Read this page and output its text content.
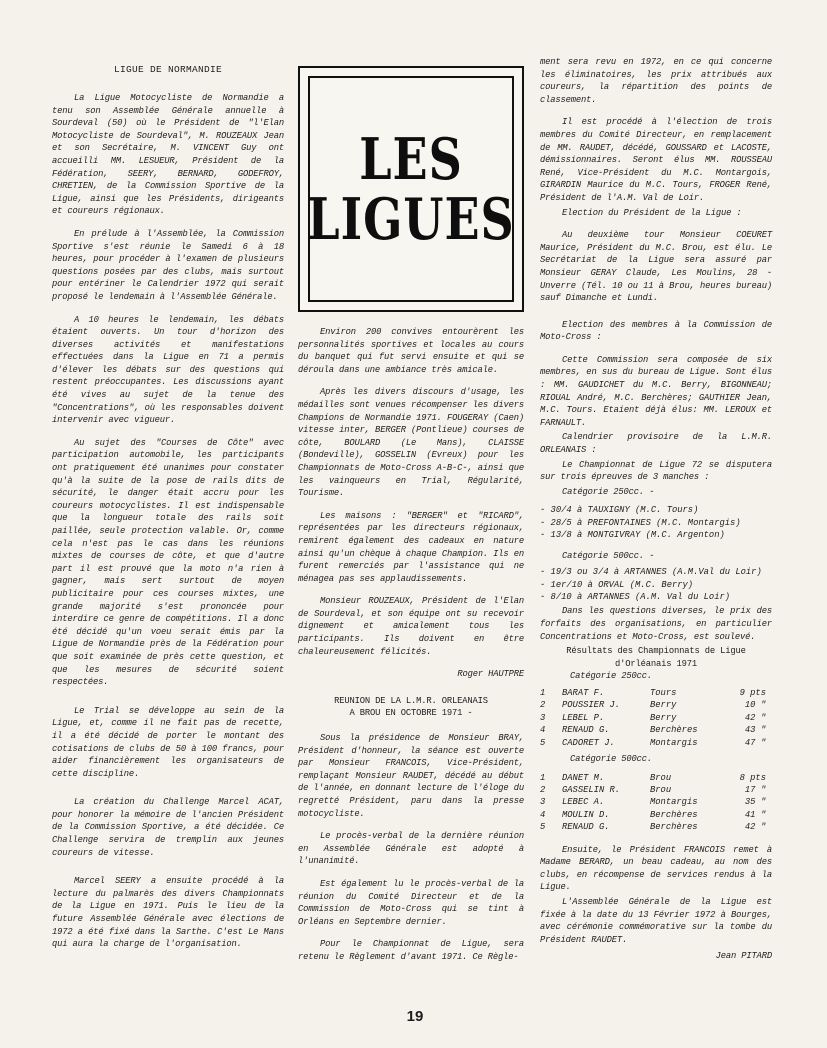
LIGUE DE NORMANDIE

La Ligue Motocycliste de Normandie a tenu son Assemblée Générale annuelle à Sourdeval (50) où le Président de "l'Elan Motocycliste de Sourdeval", M. ROUZEAUX Jean et son Secrétaire, M. VINCENT Guy ont accueilli MM. LESUEUR, Président de la Fédération, SEERY, BERNARD, GODEFROY, CHRETIEN, de la Commission Sportive de la Ligue, ainsi que les Présidents, dirigeants et coureurs régionaux.

En prélude à l'Assemblée, la Commission Sportive s'est réunie le Samedi 6 à 18 heures, pour procéder à l'examen de plusieurs questions posées par des clubs, mais surtout pour entériner le Calendrier 1972 qui serait proposé le lendemain à l'Assemblée Générale.

A 10 heures le lendemain, les débats étaient ouverts. Un tour d'horizon des diverses activités et manifestations effectuées dans la Ligue en 71 a permis d'élever les débats sur des questions qui restent préoccupantes. Les discussions ayant été vives au sujet de la tenue des "Concentrations", où les responsables doivent intervenir avec vigueur.

Au sujet des "Courses de Côte" avec participation automobile, les participants ont pratiquement été unanimes pour constater qu'à la suite de la pose de rails dits de sécurité, le danger était accru pour les coureurs motocyclistes. Il est indispensable que la longueur totale des rails soit paillée, seule protection valable. Or, comme cela n'est pas le cas dans les réunions mixtes de courses de côte, et que d'autre part il est prouvé que la moto n'a rien à gagner, mais sert surtout de moyen publicitaire pour ces courses mixtes, une grande majorité s'est prononcée pour interdire ce genre de compétitions. Il a donc été décidé qu'un voeu serait émis par la Ligue de Normandie près de la Fédération pour que soit examinée de près cette question, et que les mesures de sécurité soient respectées.

Le Trial se développe au sein de la Ligue, et, comme il ne fait pas de recette, il a été décidé de porter le montant des cotisations de clubs de 50 à 100 francs, pour aider financièrement les organisateurs de cette discipline.

La création du Challenge Marcel ACAT, pour honorer la mémoire de l'ancien Président de la Commission Sportive, a été décidée. Ce Challenge servira de tremplin aux jeunes coureurs de vitesse.

Marcel SEERY a ensuite procédé à la lecture du palmarès des divers Championnats de la Ligue en 1971. Puis le lieu de la future Assemblée Générale avec élections de 1972 a été fixé dans la Sarthe. C'est Le Mans qui aura la charge de l'organisation.

LES
LIGUES

Environ 200 convives entourèrent les personnalités sportives et locales au cours du banquet qui fut servi ensuite et qui se déroula dans une ambiance très amicale.

Après les divers discours d'usage, les médailles sont venues récompenser les divers Champions de Normandie 1971. FOUGERAY (Caen) vitesse inter, BERGER (Pontlieue) courses de côte, BOULARD (Le Mans), CLAISSE (Bondeville), GOSSELIN (Evreux) pour les Championnats de Moto-Cross A-B-C-, ainsi que les vainqueurs en Trial, Régularité, Tourisme.

Les maisons : "BERGER" et "RICARD", représentées par les directeurs régionaux, remirent également des cadeaux en nature ainsi qu'un chèque à chaque Champion. Ils en furent remerciés par l'assistance qui ne ménagea pas ses applaudissements.

Monsieur ROUZEAUX, Président de l'Elan de Sourdeval, et son équipe ont su recevoir dignement et amicalement tous les participants. Ils doivent en être chaleureusement félicités.

Roger HAUTPRE

REUNION DE LA L.M.R. ORLEANAIS
A BROU EN OCTOBRE 1971 -

Sous la présidence de Monsieur BRAY, Président d'honneur, la séance est ouverte par Monsieur FRANCOIS, Vice-Président, remplaçant Monsieur RAUDET, décédé au début de l'année, en donnant lecture de l'éloge du regretté Président, paru dans la presse motocycliste.

Le procès-verbal de la dernière réunion en Assemblée Générale est adopté à l'unanimité.

Est également lu le procès-verbal de la réunion du Comité Directeur et de la Commission de Moto-Cross qui se tint à Orléans en Septembre dernier.

Pour le Championnat de Ligue, sera retenu le Règlement d'avant 1971. Ce Règle-

ment sera revu en 1972, en ce qui concerne les éliminatoires, les prix attribués aux coureurs, la répartition des points de classement.

Il est procédé à l'élection de trois membres du Comité Directeur, en remplacement de MM. RAUDET, décédé, GOUSSARD et LACOSTE, démissionnaires. Seront élus MM. ROUSSEAU René, Vice-Président du M.C. Montargois, GIRARDIN Maurice du M.C. Tours, FROGER René, Président de l'A.M. Val de Loir.

Election du Président de la Ligue :

Au deuxième tour Monsieur COEURET Maurice, Président du M.C. Brou, est élu. Le Secrétariat de la Ligue sera assuré par Monsieur GERAY Claude, Les Moulins, 28 - Unverre (Tél. 10 ou 11 à Brou, heures bureau) sauf Dimanche et Lundi.

Election des membres à la Commission de Moto-Cross :

Cette Commission sera composée de six membres, en sus du bureau de Ligue. Sont élus : MM. GAUDICHET du M.C. Berry, BIGONNEAU; RIOUAL André, M.C. Berchères; GAUTHIER Jean, M.C. Tours. Etaient déjà élus: MM. LEROUX et FARNAULT.

Calendrier provisoire de la L.M.R. ORLEANAIS :

Le Championnat de Ligue 72 se disputera sur trois épreuves de 3 manches :

Catégorie 250cc. -

- 30/4 à TAUXIGNY (M.C. Tours)
- 28/5 à PREFONTAINES (M.C. Montargis)
- 13/8 à MONTGIVRAY (M.C. Argenton)

Catégorie 500cc. -

- 19/3 ou 3/4 à ARTANNES (A.M.Val du Loir)
- 1er/10 à ORVAL (M.C. Berry)
- 8/10 à ARTANNES (A.M. Val du Loir)

Dans les questions diverses, le prix des forfaits des organisations, en particulier Concentrations et Moto-Cross, est soulevé.

Résultats des Championnats de Ligue
d'Orléanais 1971

Catégorie 250cc.

1	BARAT F.	Tours	9 pts
2	POUSSIER J.	Berry	10 "
3	LEBEL P.	Berry	42 "
4	RENAUD G.	Berchères	43 "
5	CADORET J.	Montargis	47 "

Catégorie 500cc.

1	DANET M.	Brou	8 pts
2	GASSELIN R.	Brou	17 "
3	LEBEC A.	Montargis	35 "
4	MOULIN D.	Berchères	41 "
5	RENAUD G.	Berchères	42 "

Ensuite, le Président FRANCOIS remet à Madame BERARD, un beau cadeau, au nom des clubs, en récompense de services rendus à la Ligue.

L'Assemblée Générale de la Ligue est fixée à la date du 13 Février 1972 à Bourges, avec cérémonie commémorative sur la tombe du Président RAUDET.

Jean PITARD

19
